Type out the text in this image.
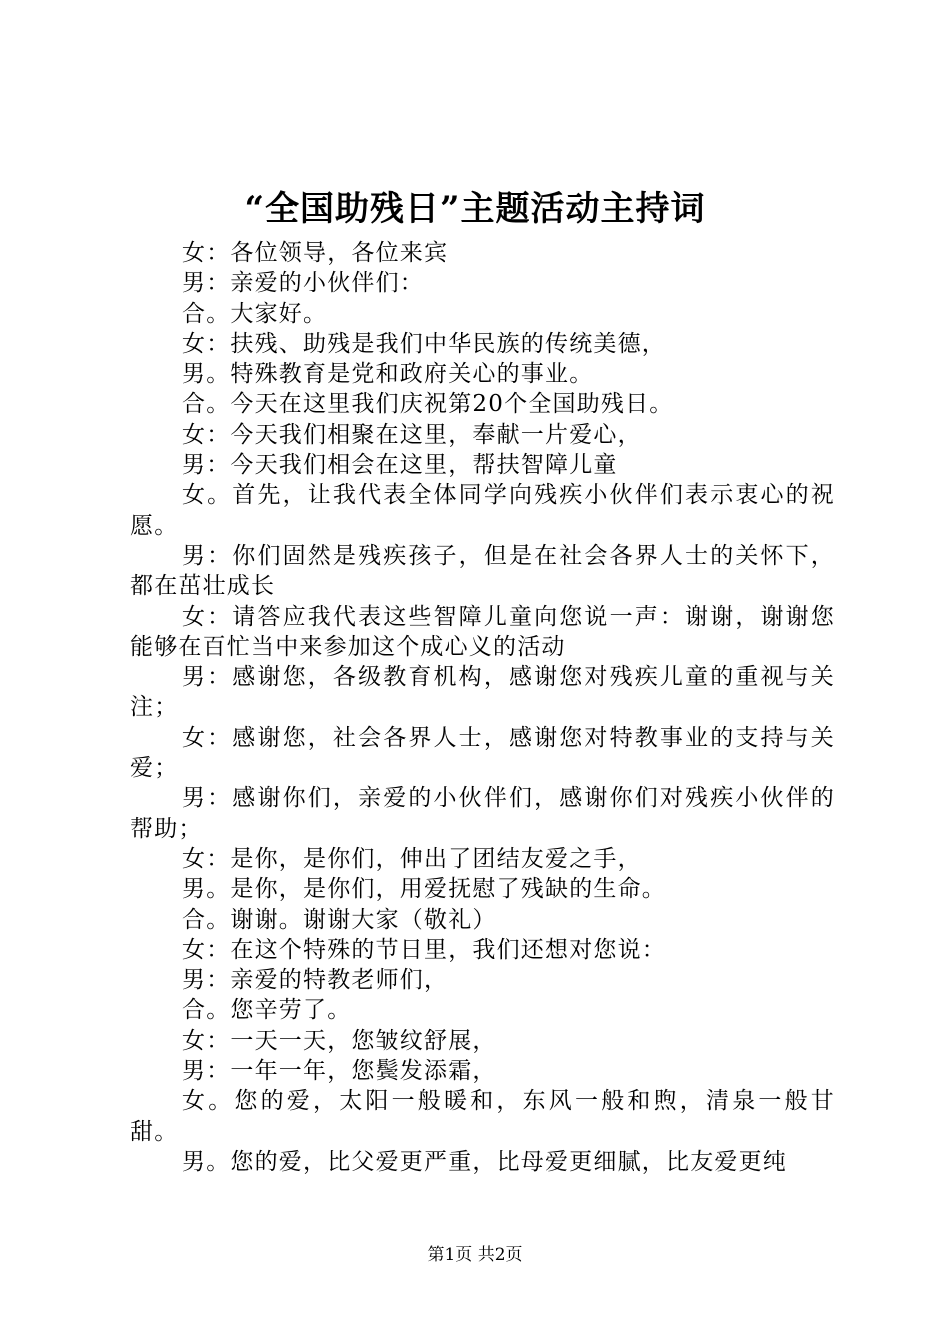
“全国助残日”主题活动主持词

女：各位领导，各位来宾

男：亲爱的小伙伴们：

合。大家好。

女：扶残、助残是我们中华民族的传统美德，

男。特殊教育是党和政府关心的事业。

合。今天在这里我们庆祝第20个全国助残日。

女：今天我们相聚在这里，奉献一片爱心，

男：今天我们相会在这里，帮扶智障儿童

女。首先，让我代表全体同学向残疾小伙伴们表示衷心的祝愿。

男：你们固然是残疾孩子，但是在社会各界人士的关怀下，都在茁壮成长

女：请答应我代表这些智障儿童向您说一声：谢谢，谢谢您能够在百忙当中来参加这个成心义的活动

男：感谢您，各级教育机构，感谢您对残疾儿童的重视与关注；

女：感谢您，社会各界人士，感谢您对特教事业的支持与关爱；

男：感谢你们，亲爱的小伙伴们，感谢你们对残疾小伙伴的帮助；

女：是你，是你们，伸出了团结友爱之手，

男。是你，是你们，用爱抚慰了残缺的生命。

合。谢谢。谢谢大家（敬礼）

女：在这个特殊的节日里，我们还想对您说：

男：亲爱的特教老师们，

合。您辛劳了。

女：一天一天，您皱纹舒展，

男：一年一年，您鬓发添霜，

女。您的爱，太阳一般暖和，东风一般和煦，清泉一般甘甜。

男。您的爱，比父爱更严重，比母爱更细腻，比友爱更纯

第1页 共2页
